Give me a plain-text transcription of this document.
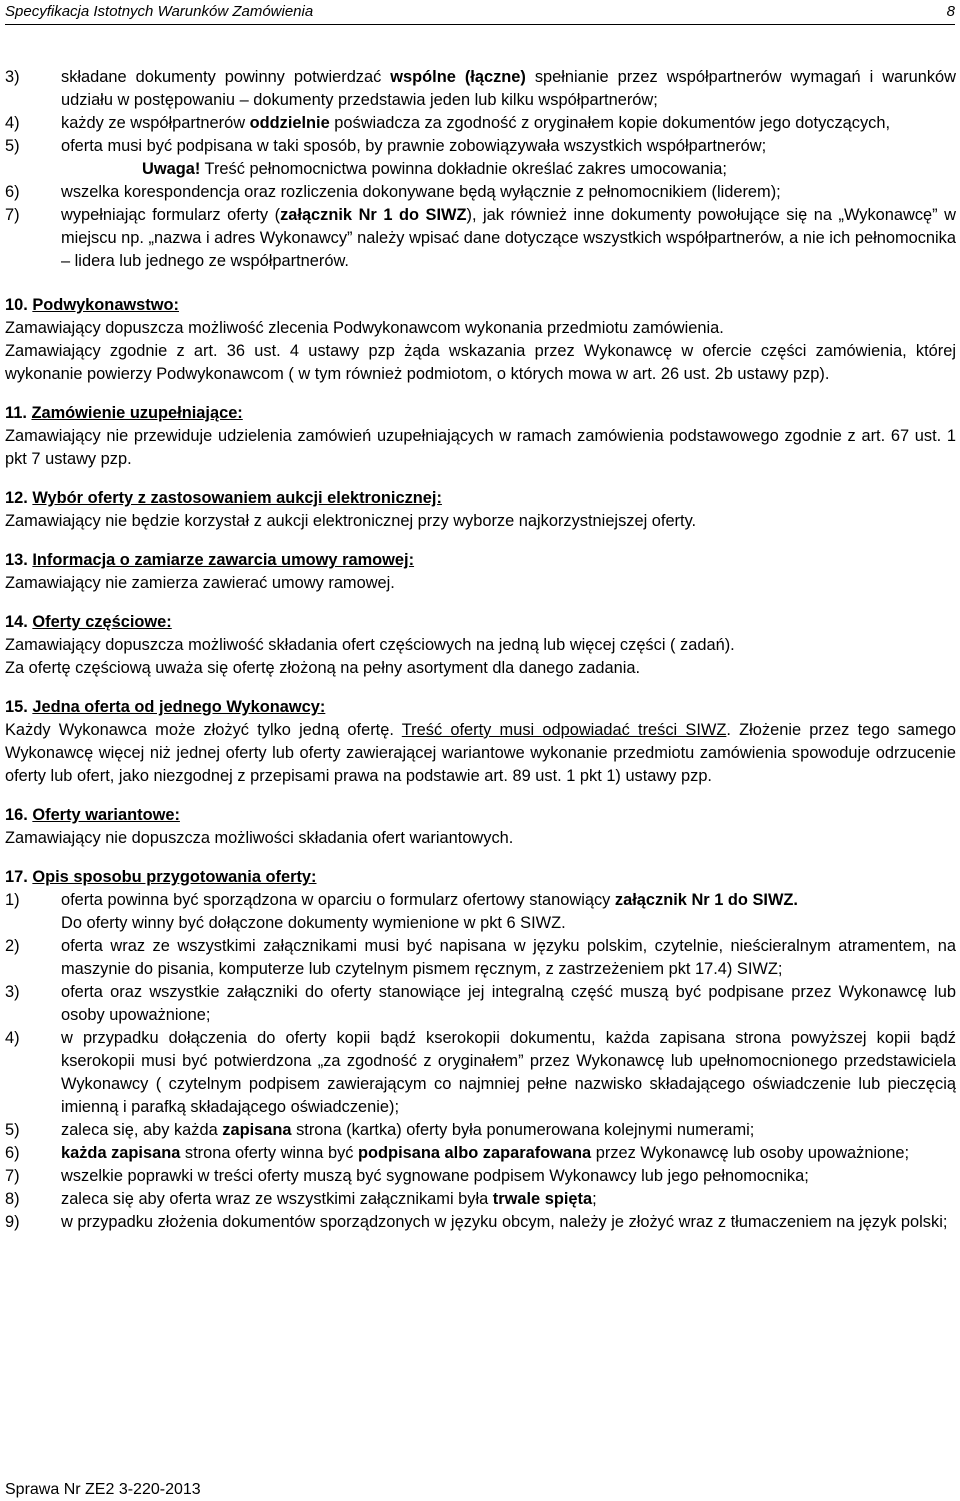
Specyfikacja Istotnych Warunków Zamówienia	8
3)	składane dokumenty powinny potwierdzać wspólne (łączne) spełnianie przez współpartnerów wymagań i warunków udziału w postępowaniu – dokumenty przedstawia jeden lub kilku współpartnerów;
4)	każdy ze współpartnerów oddzielnie poświadcza za zgodność z oryginałem kopie dokumentów jego dotyczących,
5)	oferta musi być podpisana w taki sposób, by prawnie zobowiązywała wszystkich współpartnerów;
Uwaga! Treść pełnomocnictwa powinna dokładnie określać zakres umocowania;
6)	wszelka korespondencja oraz rozliczenia dokonywane będą wyłącznie z pełnomocnikiem (liderem);
7)	wypełniając formularz oferty (załącznik Nr 1 do SIWZ), jak również inne dokumenty powołujące się na „Wykonawcę” w miejscu np. „nazwa i adres Wykonawcy” należy wpisać dane dotyczące wszystkich współpartnerów, a nie ich pełnomocnika – lidera lub jednego ze współpartnerów.
10. Podwykonawstwo:
Zamawiający dopuszcza możliwość zlecenia Podwykonawcom wykonania przedmiotu zamówienia.
Zamawiający zgodnie z art. 36 ust. 4 ustawy pzp żąda wskazania przez Wykonawcę w ofercie części zamówienia, której wykonanie powierzy Podwykonawcom ( w tym również podmiotom, o których mowa w art. 26 ust. 2b ustawy pzp).
11. Zamówienie uzupełniające:
Zamawiający nie przewiduje udzielenia zamówień uzupełniających w ramach zamówienia podstawowego zgodnie z art. 67 ust. 1 pkt 7 ustawy pzp.
12. Wybór oferty z zastosowaniem aukcji elektronicznej:
Zamawiający nie będzie korzystał z aukcji elektronicznej przy wyborze najkorzystniejszej oferty.
13. Informacja o zamiarze zawarcia umowy ramowej:
Zamawiający nie zamierza zawierać umowy ramowej.
14. Oferty częściowe:
Zamawiający dopuszcza możliwość składania ofert częściowych na jedną lub więcej części ( zadań).
Za ofertę częściową uważa się ofertę złożoną na pełny asortyment dla danego zadania.
15. Jedna oferta od jednego Wykonawcy:
Każdy Wykonawca może złożyć tylko jedną ofertę. Treść oferty musi odpowiadać treści SIWZ. Złożenie przez tego samego Wykonawcę więcej niż jednej oferty lub oferty zawierającej wariantowe wykonanie przedmiotu zamówienia spowoduje odrzucenie oferty lub ofert, jako niezgodnej z przepisami prawa na podstawie art. 89 ust. 1 pkt 1) ustawy pzp.
16. Oferty wariantowe:
Zamawiający nie dopuszcza możliwości składania ofert wariantowych.
17. Opis sposobu przygotowania oferty:
1)	oferta powinna być sporządzona w oparciu o formularz ofertowy stanowiący załącznik Nr 1 do SIWZ.
Do oferty winny być dołączone dokumenty wymienione w pkt 6 SIWZ.
2)	oferta wraz ze wszystkimi załącznikami musi być napisana w języku polskim, czytelnie, nieścieralnym atramentem, na maszynie do pisania, komputerze lub czytelnym pismem ręcznym, z zastrzeżeniem pkt 17.4) SIWZ;
3)	oferta oraz wszystkie załączniki do oferty stanowiące jej integralną część muszą być podpisane przez Wykonawcę lub osoby upoważnione;
4)	w przypadku dołączenia do oferty kopii bądź kserokopii dokumentu, każda zapisana strona powyższej kopii bądź kserokopii musi być potwierdzona „za zgodność z oryginałem” przez Wykonawcę lub upełnomocnionego przedstawiciela Wykonawcy ( czytelnym podpisem zawierającym co najmniej pełne nazwisko składającego oświadczenie lub pieczęcią imienną i parafką składającego oświadczenie);
5)	zaleca się, aby każda zapisana strona (kartka) oferty była ponumerowana kolejnymi numerami;
6)	każda zapisana strona oferty winna być podpisana albo zaparafowana przez Wykonawcę lub osoby upoważnione;
7)	wszelkie poprawki w treści oferty muszą być sygnowane podpisem Wykonawcy lub jego pełnomocnika;
8)	zaleca się aby oferta wraz ze wszystkimi załącznikami była trwale spięta;
9)	w przypadku złożenia dokumentów sporządzonych w języku obcym, należy je złożyć wraz z tłumaczeniem na język polski;
Sprawa Nr ZE2 3-220-2013
